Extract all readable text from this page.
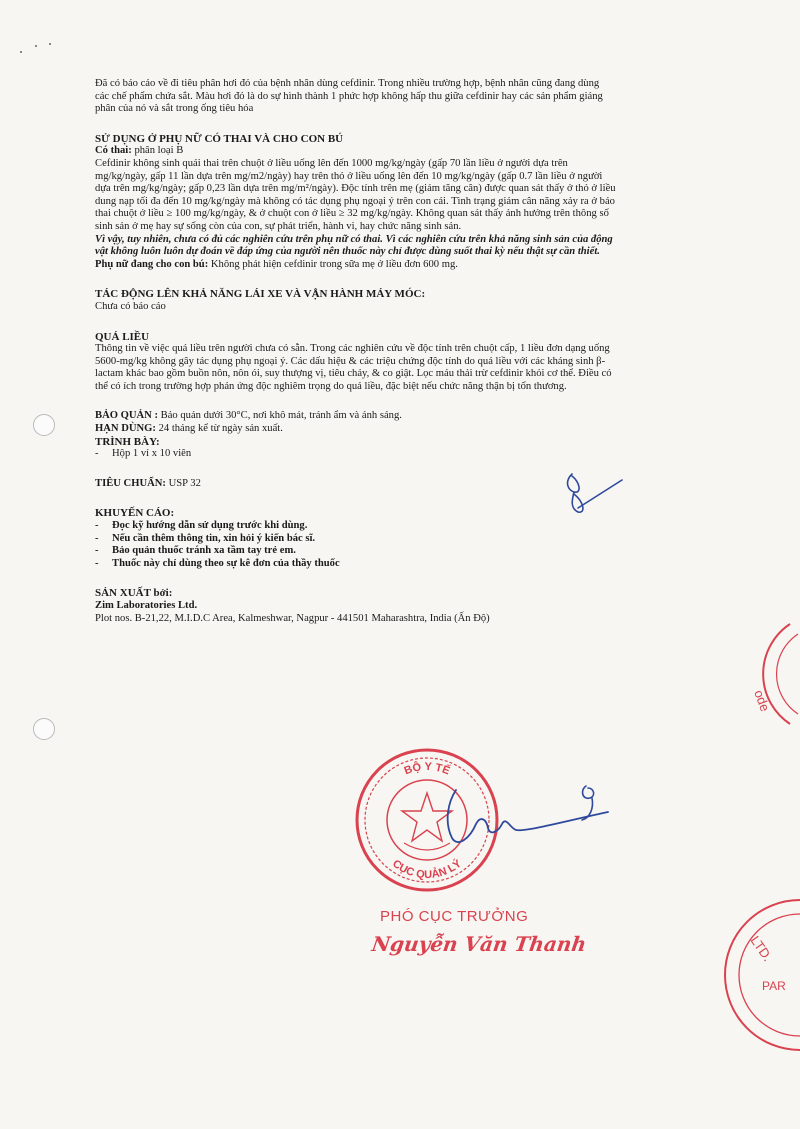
Đã có báo cáo về đi tiêu phân hơi đỏ của bệnh nhân dùng cefdinir. Trong nhiều trường hợp, bệnh nhân cũng đang dùng

các chế phẩm chứa sắt. Màu hơi đỏ là do sự hình thành 1 phức hợp không hấp thu giữa cefdinir hay các sản phẩm giáng

phân của nó và sắt trong ống tiêu hóa

SỬ DỤNG Ở PHỤ NỮ CÓ THAI VÀ CHO CON BÚ

Có thai: phân loại B

Cefdinir không sinh quái thai trên chuột ở liều uống lên đến 1000 mg/kg/ngày (gấp 70 lần liều ở người dựa trên

mg/kg/ngày, gấp 11 lần dựa trên mg/m2/ngày) hay trên thỏ ở liều uống lên đến 10 mg/kg/ngày (gấp 0.7 lần liều ở người

dựa trên mg/kg/ngày; gấp 0,23 lần dựa trên mg/m²/ngày). Độc tính trên mẹ (giảm tăng cân) được quan sát thấy ở thỏ ở liều

dung nạp tối đa đến 10 mg/kg/ngày mà không có tác dụng phụ ngoại ý trên con cái. Tình trạng giảm cân năng xảy ra ở báo

thai chuột ở liều ≥ 100 mg/kg/ngày, & ở chuột con ở liều ≥ 32 mg/kg/ngày. Không quan sát thấy ảnh hưởng trên thông số

sinh sản ở mẹ hay sự sống còn của con, sự phát triển, hành vi, hay chức năng sinh sản.

Vì vậy, tuy nhiên, chưa có đủ các nghiên cứu trên phụ nữ có thai. Vì các nghiên cứu trên khả năng sinh sản của động

vật không luôn luôn dự đoán về đáp ứng của người nên thuốc này chỉ được dùng suốt thai kỳ nếu thật sự cần thiết.

Phụ nữ đang cho con bú: Không phát hiện cefdinir trong sữa mẹ ở liều đơn 600 mg.

TÁC ĐỘNG LÊN KHẢ NĂNG LÁI XE VÀ VẬN HÀNH MÁY MÓC:

Chưa có báo cáo

QUÁ LIỀU

Thông tin về việc quá liều trên người chưa có sẵn. Trong các nghiên cứu về độc tính trên chuột cấp, 1 liều đơn dạng uống

5600-mg/kg không gây tác dụng phụ ngoại ý. Các dấu hiệu & các triệu chứng độc tính do quá liều với các kháng sinh β-

lactam khác bao gồm buồn nôn, nôn ói, suy thượng vị, tiêu chảy, & co giật. Lọc máu thải trừ cefdinir khỏi cơ thể. Điều có

thể có ích trong trường hợp phản ứng độc nghiêm trọng do quá liều, đặc biệt nếu chức năng thận bị tổn thương.

BẢO QUẢN : Bảo quản dưới 30°C, nơi khô mát, tránh ẩm và ánh sáng.

HẠN DÙNG: 24 tháng kể từ ngày sản xuất.

TRÌNH BÀY:

-	Hộp 1 vỉ x 10 viên

TIÊU CHUẨN: USP 32

KHUYẾN CÁO:

-	Đọc kỹ hướng dẫn sử dụng trước khi dùng.
-	Nếu cần thêm thông tin, xin hỏi ý kiến bác sĩ.
-	Bảo quản thuốc tránh xa tầm tay trẻ em.
-	Thuốc này chỉ dùng theo sự kê đơn của thầy thuốc

SẢN XUẤT bởi:

Zim Laboratories Ltd.

Plot nos. B-21,22, M.I.D.C Area, Kalmeshwar, Nagpur - 441501 Maharashtra, India (Ấn Độ)

ode
LTD.
PAR
BỘ Y TẾ
CỤC QUẢN LÝ
PHÓ CỤC TRƯỞNG
Nguyễn Văn Thanh
